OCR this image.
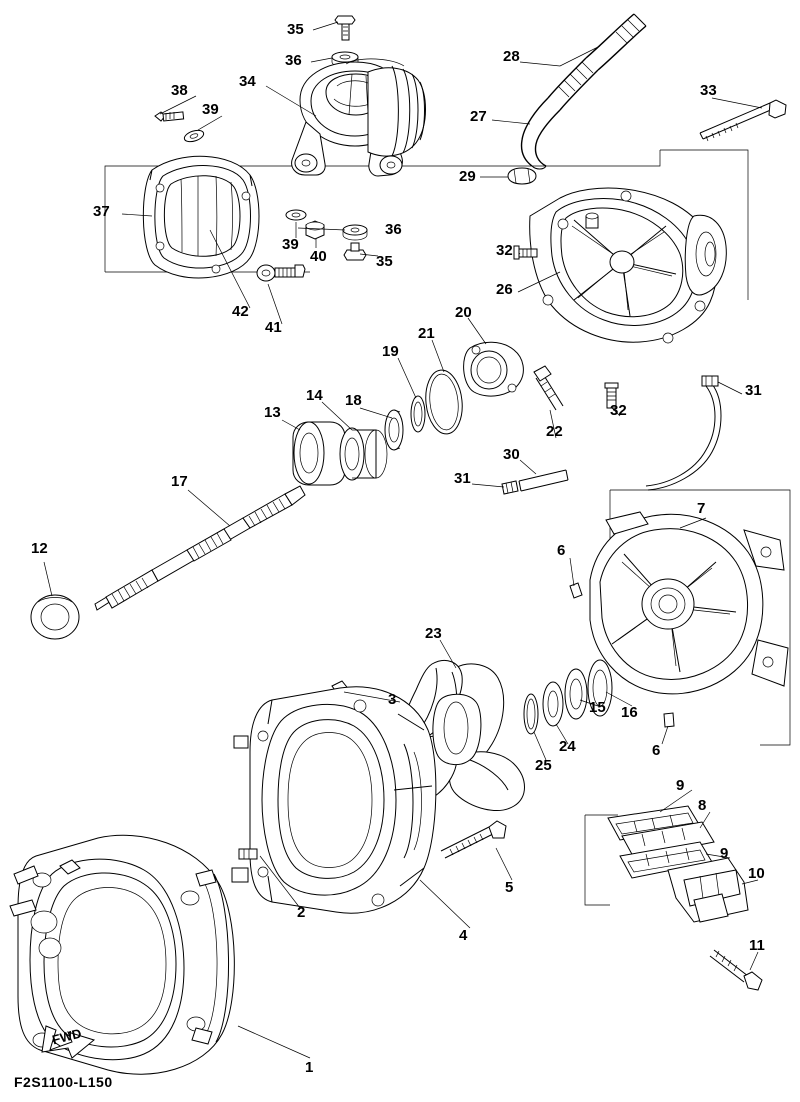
35
36
34
38
39
37
39
40
36
35
42
41
28
27
29
33
32
26
31
32
20
21
19
18
14
13
22
30
31
17
12
7
6
6
16
15
24
25
23
3
4
5
2
1
9
8
9
10
11
FWD
F2S1100-L150
